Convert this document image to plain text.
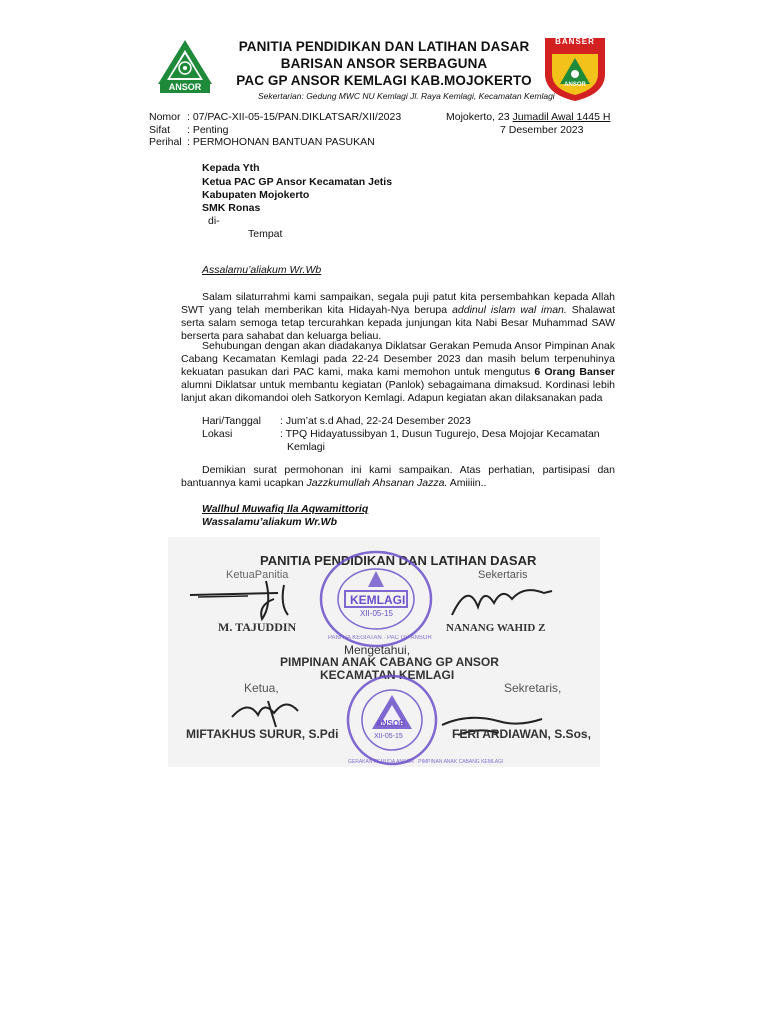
ANSOR
BANSER
ANSOR
PANITIA PENDIDIKAN DAN LATIHAN DASAR
BARISAN ANSOR SERBAGUNA
PAC GP ANSOR KEMLAGI KAB.MOJOKERTO
Sekertarian: Gedung MWC NU Kemlagi Jl. Raya Kemlagi, Kecamatan Kemlagi
Nomor : 07/PAC-XII-05-15/PAN.DIKLATSAR/XII/2023
Sifat : Penting
Perihal : PERMOHONAN BANTUAN PASUKAN
Mojokerto, 23 Jumadil Awal 1445 H
7 Desember 2023
Kepada Yth
Ketua PAC GP Ansor Kecamatan Jetis
Kabupaten Mojokerto
SMK Ronas
di-
Tempat
Assalamu’aliakum Wr.Wb
Salam silaturrahmi kami sampaikan, segala puji patut kita persembahkan kepada Allah SWT yang telah memberikan kita Hidayah-Nya berupa addinul islam wal iman. Shalawat serta salam semoga tetap tercurahkan kepada junjungan kita Nabi Besar Muhammad SAW berserta para sahabat dan keluarga beliau.
Sehubungan dengan akan diadakanya Diklatsar Gerakan Pemuda Ansor Pimpinan Anak Cabang Kecamatan Kemlagi pada 22-24 Desember 2023 dan masih belum terpenuhinya kekuatan pasukan dari PAC kami, maka kami memohon untuk mengutus 6 Orang Banser alumni Diklatsar untuk membantu kegiatan (Panlok) sebagaimana dimaksud. Kordinasi lebih lanjut akan dikomandoi oleh Satkoryon Kemlagi. Adapun kegiatan akan dilaksanakan pada
Hari/Tanggal : Jum’at s.d Ahad, 22-24 Desember 2023
Lokasi	: TPQ Hidayatussibyan 1, Dusun Tugurejo, Desa Mojojar Kecamatan
Kemlagi
Demikian surat permohonan ini kami sampaikan. Atas perhatian, partisipasi dan bantuannya kami ucapkan Jazzkumullah Ahsanan Jazza. Amiiiin..
Wallhul Muwafiq Ila Aqwamittoriq
Wassalamu’aliakum Wr.Wb
PANITIA PENDIDIKAN DAN LATIHAN DASAR
KetuaPanitia	Sekertaris
M. TAJUDDIN
KEMLAGI
XII-05-15
PANITIA KEGIATAN · PAC GP ANSOR
NANANG WAHID Z
Mengetahui,
PIMPINAN ANAK CABANG GP ANSOR
KECAMATAN KEMLAGI
Ketua,	Sekretaris,
ANSOR
XII-05-15
GERAKAN PEMUDA ANSOR · PIMPINAN ANAK CABANG KEMLAGI
MIFTAKHUS SURUR, S.Pdi	FERI ARDIAWAN, S.Sos,
